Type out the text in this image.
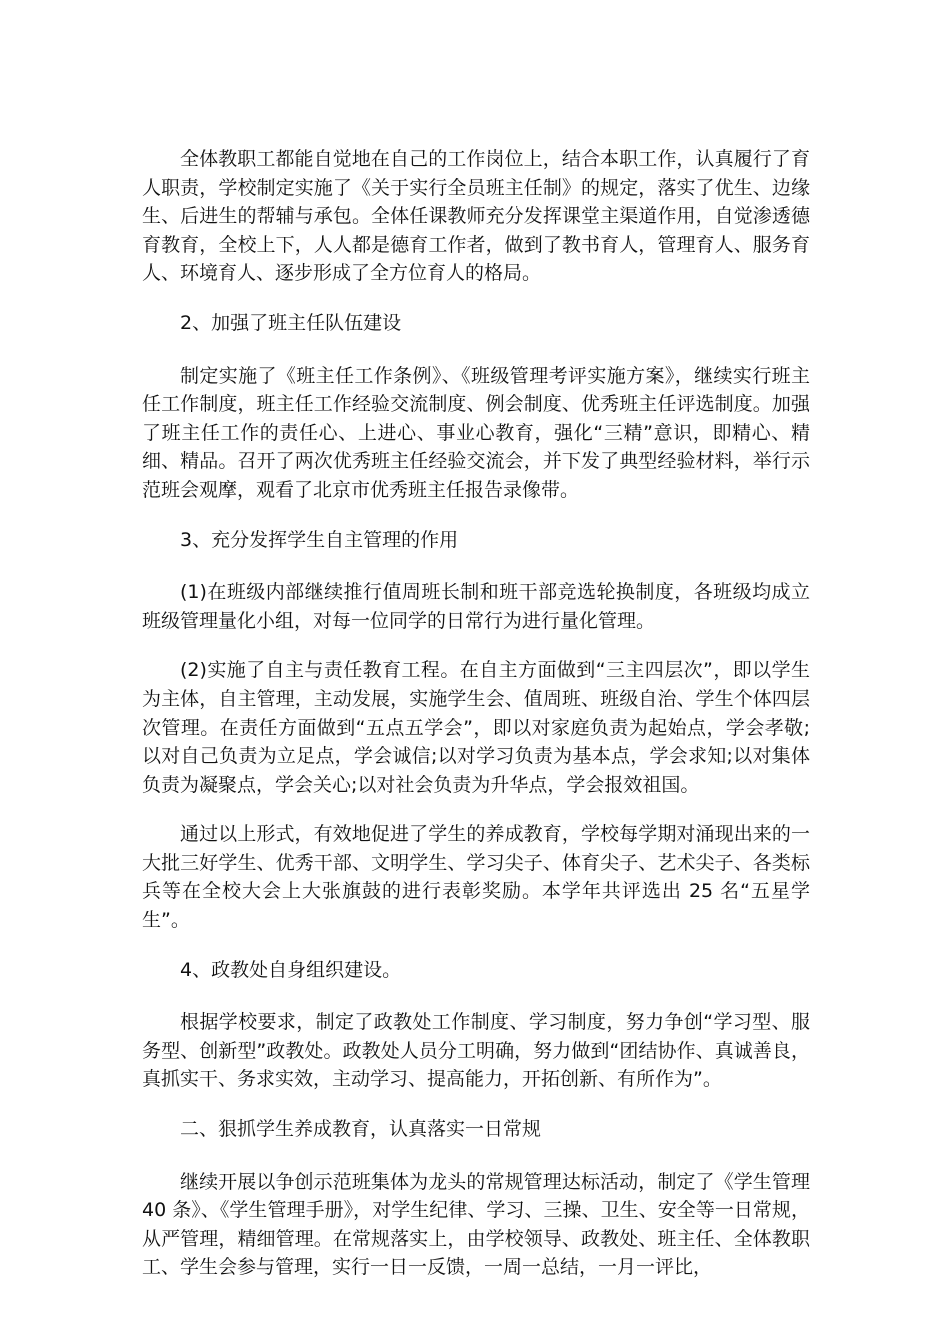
全体教职工都能自觉地在自己的工作岗位上，结合本职工作，认真履行了育人职责，学校制定实施了《关于实行全员班主任制》的规定，落实了优生、边缘生、后进生的帮辅与承包。全体任课教师充分发挥课堂主渠道作用，自觉渗透德育教育，全校上下，人人都是德育工作者，做到了教书育人，管理育人、服务育人、环境育人、逐步形成了全方位育人的格局。

2、加强了班主任队伍建设

制定实施了《班主任工作条例》、《班级管理考评实施方案》，继续实行班主任工作制度，班主任工作经验交流制度、例会制度、优秀班主任评选制度。加强了班主任工作的责任心、上进心、事业心教育，强化“三精”意识，即精心、精细、精品。召开了两次优秀班主任经验交流会，并下发了典型经验材料，举行示范班会观摩，观看了北京市优秀班主任报告录像带。

3、充分发挥学生自主管理的作用

(1)在班级内部继续推行值周班长制和班干部竞选轮换制度，各班级均成立班级管理量化小组，对每一位同学的日常行为进行量化管理。

(2)实施了自主与责任教育工程。在自主方面做到“三主四层次”，即以学生为主体，自主管理，主动发展，实施学生会、值周班、班级自治、学生个体四层次管理。在责任方面做到“五点五学会”，即以对家庭负责为起始点，学会孝敬;以对自己负责为立足点，学会诚信;以对学习负责为基本点，学会求知;以对集体负责为凝聚点，学会关心;以对社会负责为升华点，学会报效祖国。

通过以上形式，有效地促进了学生的养成教育，学校每学期对涌现出来的一大批三好学生、优秀干部、文明学生、学习尖子、体育尖子、艺术尖子、各类标兵等在全校大会上大张旗鼓的进行表彰奖励。本学年共评选出 25 名“五星学生”。

4、政教处自身组织建设。

根据学校要求，制定了政教处工作制度、学习制度，努力争创“学习型、服务型、创新型”政教处。政教处人员分工明确，努力做到“团结协作、真诚善良，真抓实干、务求实效，主动学习、提高能力，开拓创新、有所作为”。

二、狠抓学生养成教育，认真落实一日常规

继续开展以争创示范班集体为龙头的常规管理达标活动，制定了《学生管理 40 条》、《学生管理手册》，对学生纪律、学习、三操、卫生、安全等一日常规，从严管理，精细管理。在常规落实上，由学校领导、政教处、班主任、全体教职工、学生会参与管理，实行一日一反馈，一周一总结，一月一评比，
